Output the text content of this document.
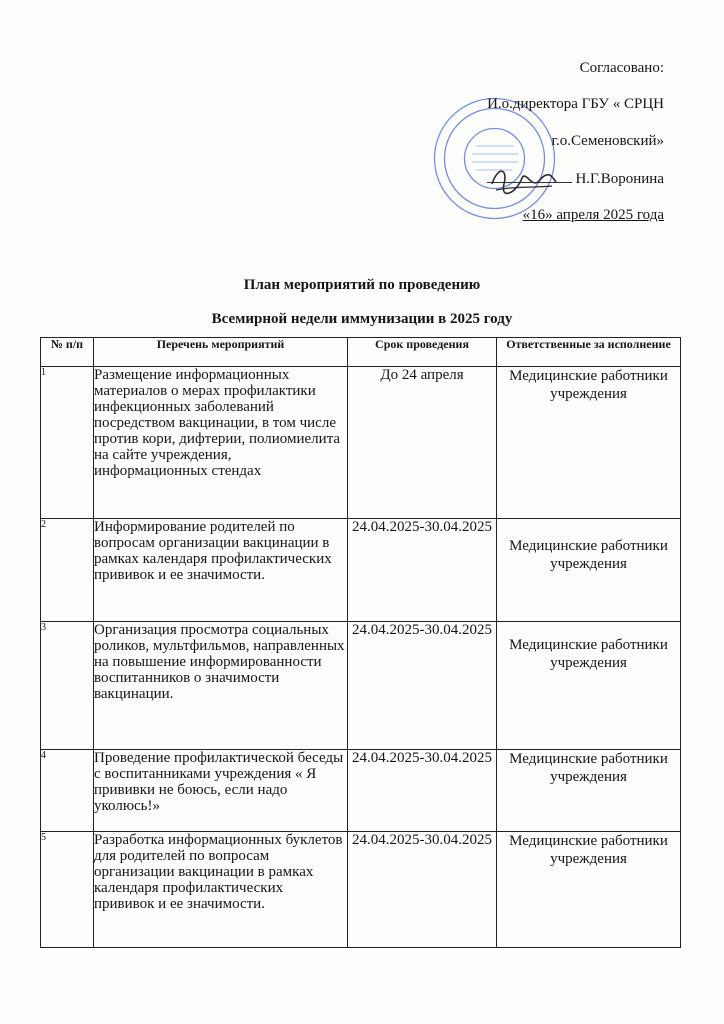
Согласовано:
И.о.директора ГБУ « СРЦН
г.о.Семеновский»
Н.Г.Воронина
«16» апреля 2025 года
План мероприятий по проведению
Всемирной недели иммунизации в 2025 году
№ п/п	Перечень мероприятий	Срок проведения	Ответственные за исполнение
1	Размещение информационных материалов о мерах профилактики инфекционных заболеваний посредством вакцинации, в том числе против кори, дифтерии, полиомиелита на сайте учреждения, информационных стендах	До 24 апреля	Медицинские работники учреждения
2	Информирование родителей по вопросам организации вакцинации в рамках календаря профилактических прививок и ее значимости.	24.04.2025-30.04.2025	Медицинские работники учреждения
3	Организация просмотра социальных роликов, мультфильмов, направленных на повышение информированности воспитанников о значимости вакцинации.	24.04.2025-30.04.2025	Медицинские работники учреждения
4	Проведение профилактической беседы с воспитанниками учреждения « Я прививки не боюсь, если надо уколюсь!»	24.04.2025-30.04.2025	Медицинские работники учреждения
5	Разработка информационных буклетов для родителей по вопросам организации вакцинации в рамках календаря профилактических прививок и ее значимости.	24.04.2025-30.04.2025	Медицинские работники учреждения
